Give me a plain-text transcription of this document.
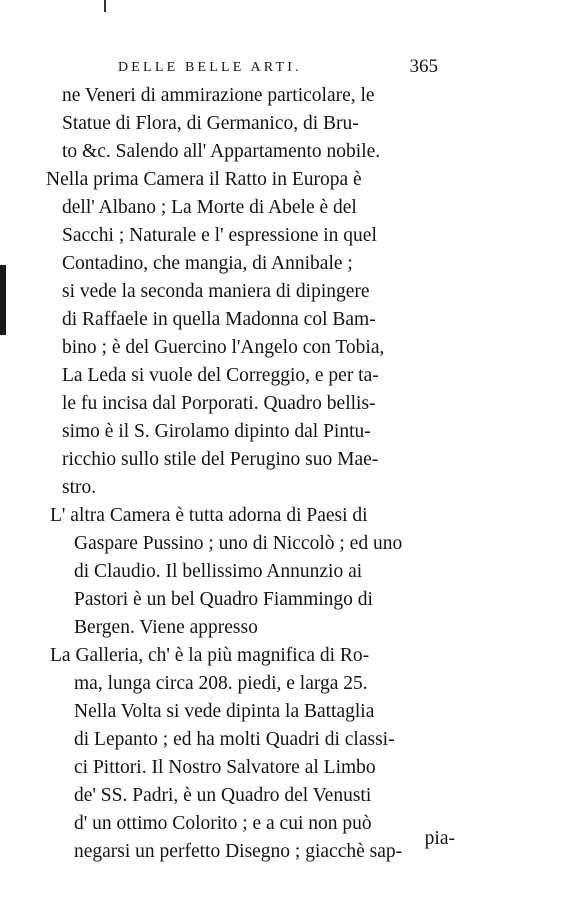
DELLE BELLE ARTI.	365
ne Veneri di ammirazione particolare, le
Statue di Flora, di Germanico, di Bru-
to &c. Salendo all' Appartamento nobile.
Nella prima Camera il Ratto in Europa è
dell' Albano ; La Morte di Abele è del
Sacchi ; Naturale e l' espressione in quel
Contadino, che mangia, di Annibale ;
si vede la seconda maniera di dipingere
di Raffaele in quella Madonna col Bam-
bino ; è del Guercino l'Angelo con Tobia,
La Leda si vuole del Correggio, e per ta-
le fu incisa dal Porporati. Quadro bellis-
simo è il S. Girolamo dipinto dal Pintu-
ricchio sullo stile del Perugino suo Mae-
stro.
L' altra Camera è tutta adorna di Paesi di
Gaspare Pussino ; uno di Niccolò ; ed uno
di Claudio. Il bellissimo Annunzio ai
Pastori è un bel Quadro Fiammingo di
Bergen. Viene appresso
La Galleria, ch' è la più magnifica di Ro-
ma, lunga circa 208. piedi, e larga 25.
Nella Volta si vede dipinta la Battaglia
di Lepanto ; ed ha molti Quadri di classi-
ci Pittori. Il Nostro Salvatore al Limbo
de' SS. Padri, è un Quadro del Venusti
d' un ottimo Colorito ; e a cui non può
negarsi un perfetto Disegno ; giacchè sap-
pia-
